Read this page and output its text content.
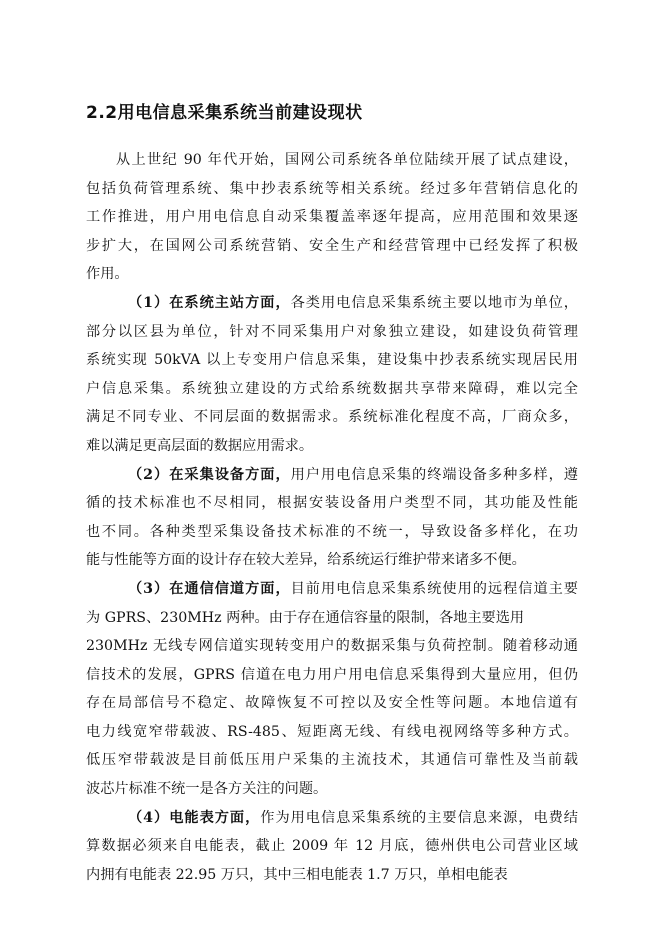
2.2用电信息采集系统当前建设现状
从上世纪 90 年代开始，国网公司系统各单位陆续开展了试点建设，
包括负荷管理系统、集中抄表系统等相关系统。经过多年营销信息化的
工作推进，用户用电信息自动采集覆盖率逐年提高，应用范围和效果逐
步扩大，在国网公司系统营销、安全生产和经营管理中已经发挥了积极
作用。
（1）在系统主站方面，各类用电信息采集系统主要以地市为单位，
部分以区县为单位，针对不同采集用户对象独立建设，如建设负荷管理
系统实现 50kVA 以上专变用户信息采集，建设集中抄表系统实现居民用
户信息采集。系统独立建设的方式给系统数据共享带来障碍，难以完全
满足不同专业、不同层面的数据需求。系统标准化程度不高，厂商众多，
难以满足更高层面的数据应用需求。
（2）在采集设备方面，用户用电信息采集的终端设备多种多样，遵
循的技术标准也不尽相同，根据安装设备用户类型不同，其功能及性能
也不同。各种类型采集设备技术标准的不统一，导致设备多样化，在功
能与性能等方面的设计存在较大差异，给系统运行维护带来诸多不便。
（3）在通信信道方面，目前用电信息采集系统使用的远程信道主要
为 GPRS、230MHz 两种。由于存在通信容量的限制，各地主要选用
230MHz 无线专网信道实现转变用户的数据采集与负荷控制。随着移动通
信技术的发展，GPRS 信道在电力用户用电信息采集得到大量应用，但仍
存在局部信号不稳定、故障恢复不可控以及安全性等问题。本地信道有
电力线宽窄带载波、RS-485、短距离无线、有线电视网络等多种方式。
低压窄带载波是目前低压用户采集的主流技术，其通信可靠性及当前载
波芯片标准不统一是各方关注的问题。
（4）电能表方面，作为用电信息采集系统的主要信息来源，电费结
算数据必须来自电能表，截止 2009 年 12 月底，德州供电公司营业区域
内拥有电能表 22.95 万只，其中三相电能表 1.7 万只，单相电能表
